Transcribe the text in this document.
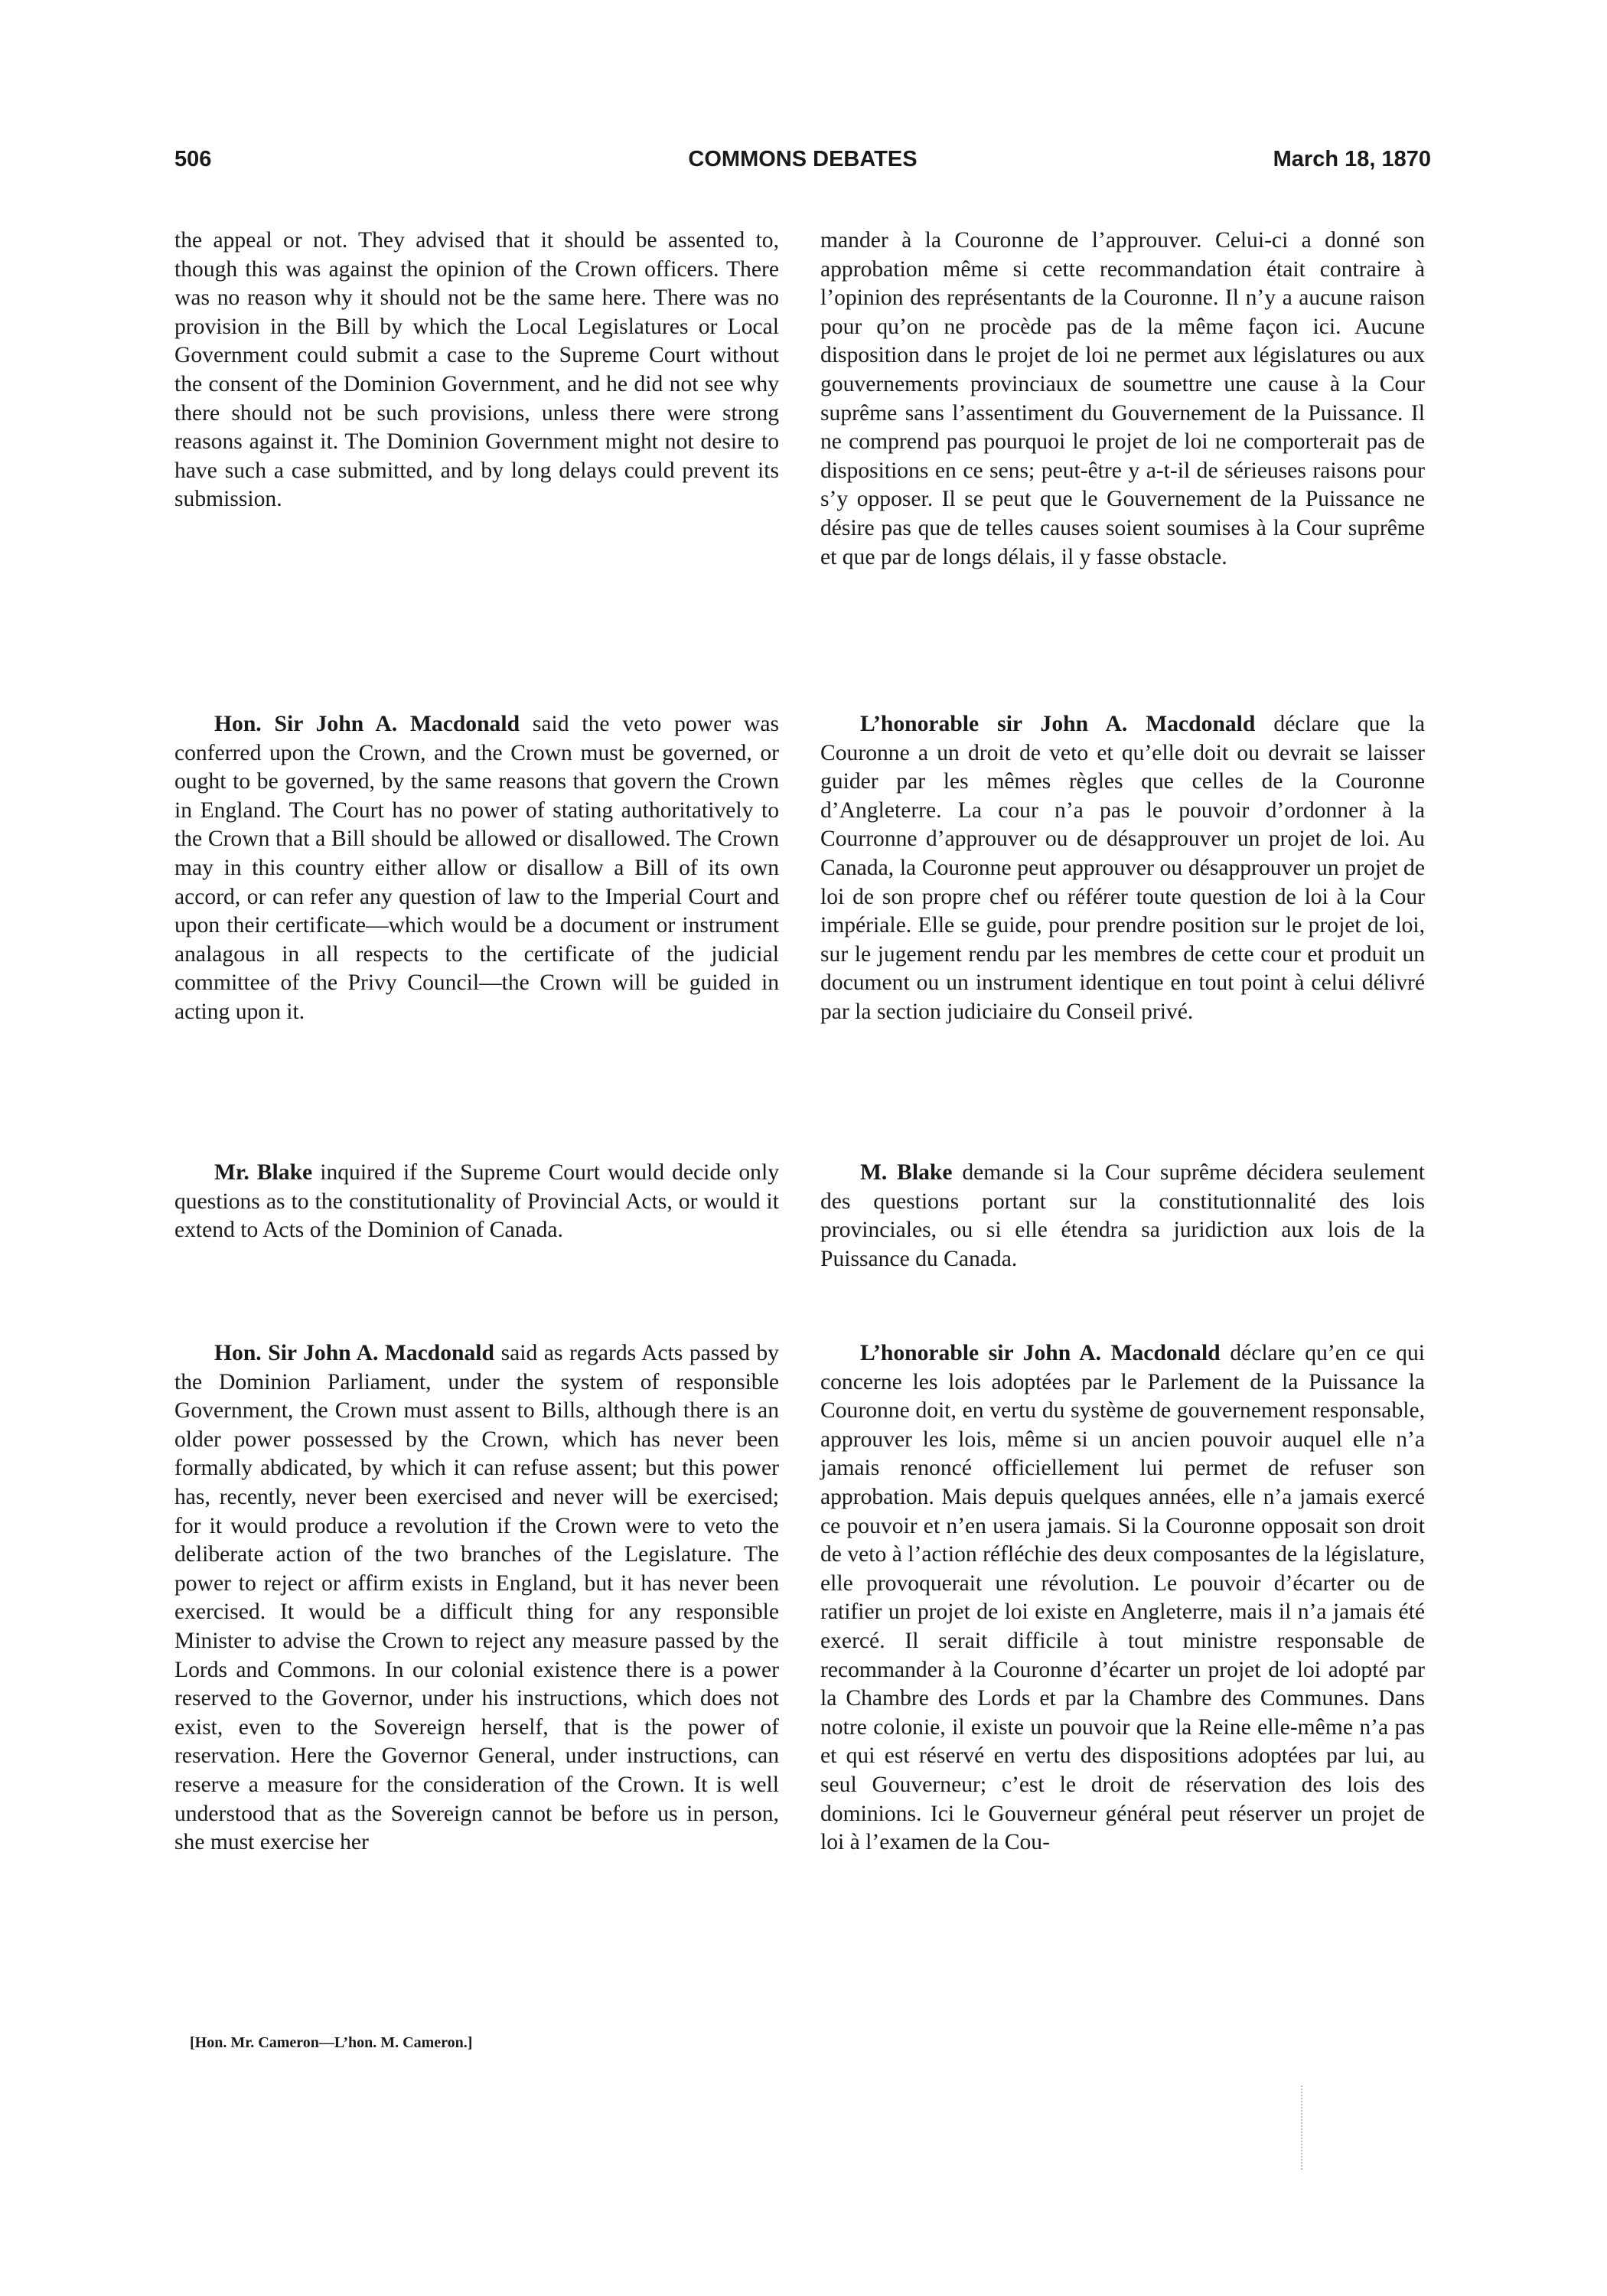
506	COMMONS DEBATES	March 18, 1870

the appeal or not. They advised that it should be assented to, though this was against the opinion of the Crown officers. There was no reason why it should not be the same here. There was no provision in the Bill by which the Local Legislatures or Local Government could submit a case to the Supreme Court without the consent of the Dominion Government, and he did not see why there should not be such provisions, unless there were strong reasons against it. The Dominion Government might not desire to have such a case submitted, and by long delays could prevent its submission.

Hon. Sir John A. Macdonald said the veto power was conferred upon the Crown, and the Crown must be governed, or ought to be governed, by the same reasons that govern the Crown in England. The Court has no power of stating authoritatively to the Crown that a Bill should be allowed or disallowed. The Crown may in this country either allow or disallow a Bill of its own accord, or can refer any question of law to the Imperial Court and upon their certificate—which would be a document or instrument analagous in all respects to the certificate of the judicial committee of the Privy Council—the Crown will be guided in acting upon it.

Mr. Blake inquired if the Supreme Court would decide only questions as to the constitutionality of Provincial Acts, or would it extend to Acts of the Dominion of Canada.

Hon. Sir John A. Macdonald said as regards Acts passed by the Dominion Parliament, under the system of responsible Government, the Crown must assent to Bills, although there is an older power possessed by the Crown, which has never been formally abdicated, by which it can refuse assent; but this power has, recently, never been exercised and never will be exercised; for it would produce a revolution if the Crown were to veto the deliberate action of the two branches of the Legislature. The power to reject or affirm exists in England, but it has never been exercised. It would be a difficult thing for any responsible Minister to advise the Crown to reject any measure passed by the Lords and Commons. In our colonial existence there is a power reserved to the Governor, under his instructions, which does not exist, even to the Sovereign herself, that is the power of reservation. Here the Governor General, under instructions, can reserve a measure for the consideration of the Crown. It is well understood that as the Sovereign cannot be before us in person, she must exercise her

mander à la Couronne de l’approuver. Celui-ci a donné son approbation même si cette recommandation était contraire à l’opinion des représentants de la Couronne. Il n’y a aucune raison pour qu’on ne procède pas de la même façon ici. Aucune disposition dans le projet de loi ne permet aux législatures ou aux gouvernements provinciaux de soumettre une cause à la Cour suprême sans l’assentiment du Gouvernement de la Puissance. Il ne comprend pas pourquoi le projet de loi ne comporterait pas de dispositions en ce sens; peut-être y a-t-il de sérieuses raisons pour s’y opposer. Il se peut que le Gouvernement de la Puissance ne désire pas que de telles causes soient soumises à la Cour suprême et que par de longs délais, il y fasse obstacle.

L’honorable sir John A. Macdonald déclare que la Couronne a un droit de veto et qu’elle doit ou devrait se laisser guider par les mêmes règles que celles de la Couronne d’Angleterre. La cour n’a pas le pouvoir d’ordonner à la Courronne d’approuver ou de désapprouver un projet de loi. Au Canada, la Couronne peut approuver ou désapprouver un projet de loi de son propre chef ou référer toute question de loi à la Cour impériale. Elle se guide, pour prendre position sur le projet de loi, sur le jugement rendu par les membres de cette cour et produit un document ou un instrument identique en tout point à celui délivré par la section judiciaire du Conseil privé.

M. Blake demande si la Cour suprême décidera seulement des questions portant sur la constitutionnalité des lois provinciales, ou si elle étendra sa juridiction aux lois de la Puissance du Canada.

L’honorable sir John A. Macdonald déclare qu’en ce qui concerne les lois adoptées par le Parlement de la Puissance la Couronne doit, en vertu du système de gouvernement responsable, approuver les lois, même si un ancien pouvoir auquel elle n’a jamais renoncé officiellement lui permet de refuser son approbation. Mais depuis quelques années, elle n’a jamais exercé ce pouvoir et n’en usera jamais. Si la Couronne opposait son droit de veto à l’action réfléchie des deux composantes de la législature, elle provoquerait une révolution. Le pouvoir d’écarter ou de ratifier un projet de loi existe en Angleterre, mais il n’a jamais été exercé. Il serait difficile à tout ministre responsable de recommander à la Couronne d’écarter un projet de loi adopté par la Chambre des Lords et par la Chambre des Communes. Dans notre colonie, il existe un pouvoir que la Reine elle-même n’a pas et qui est réservé en vertu des dispositions adoptées par lui, au seul Gouverneur; c’est le droit de réservation des lois des dominions. Ici le Gouverneur général peut réserver un projet de loi à l’examen de la Cou-

[Hon. Mr. Cameron—L’hon. M. Cameron.]
